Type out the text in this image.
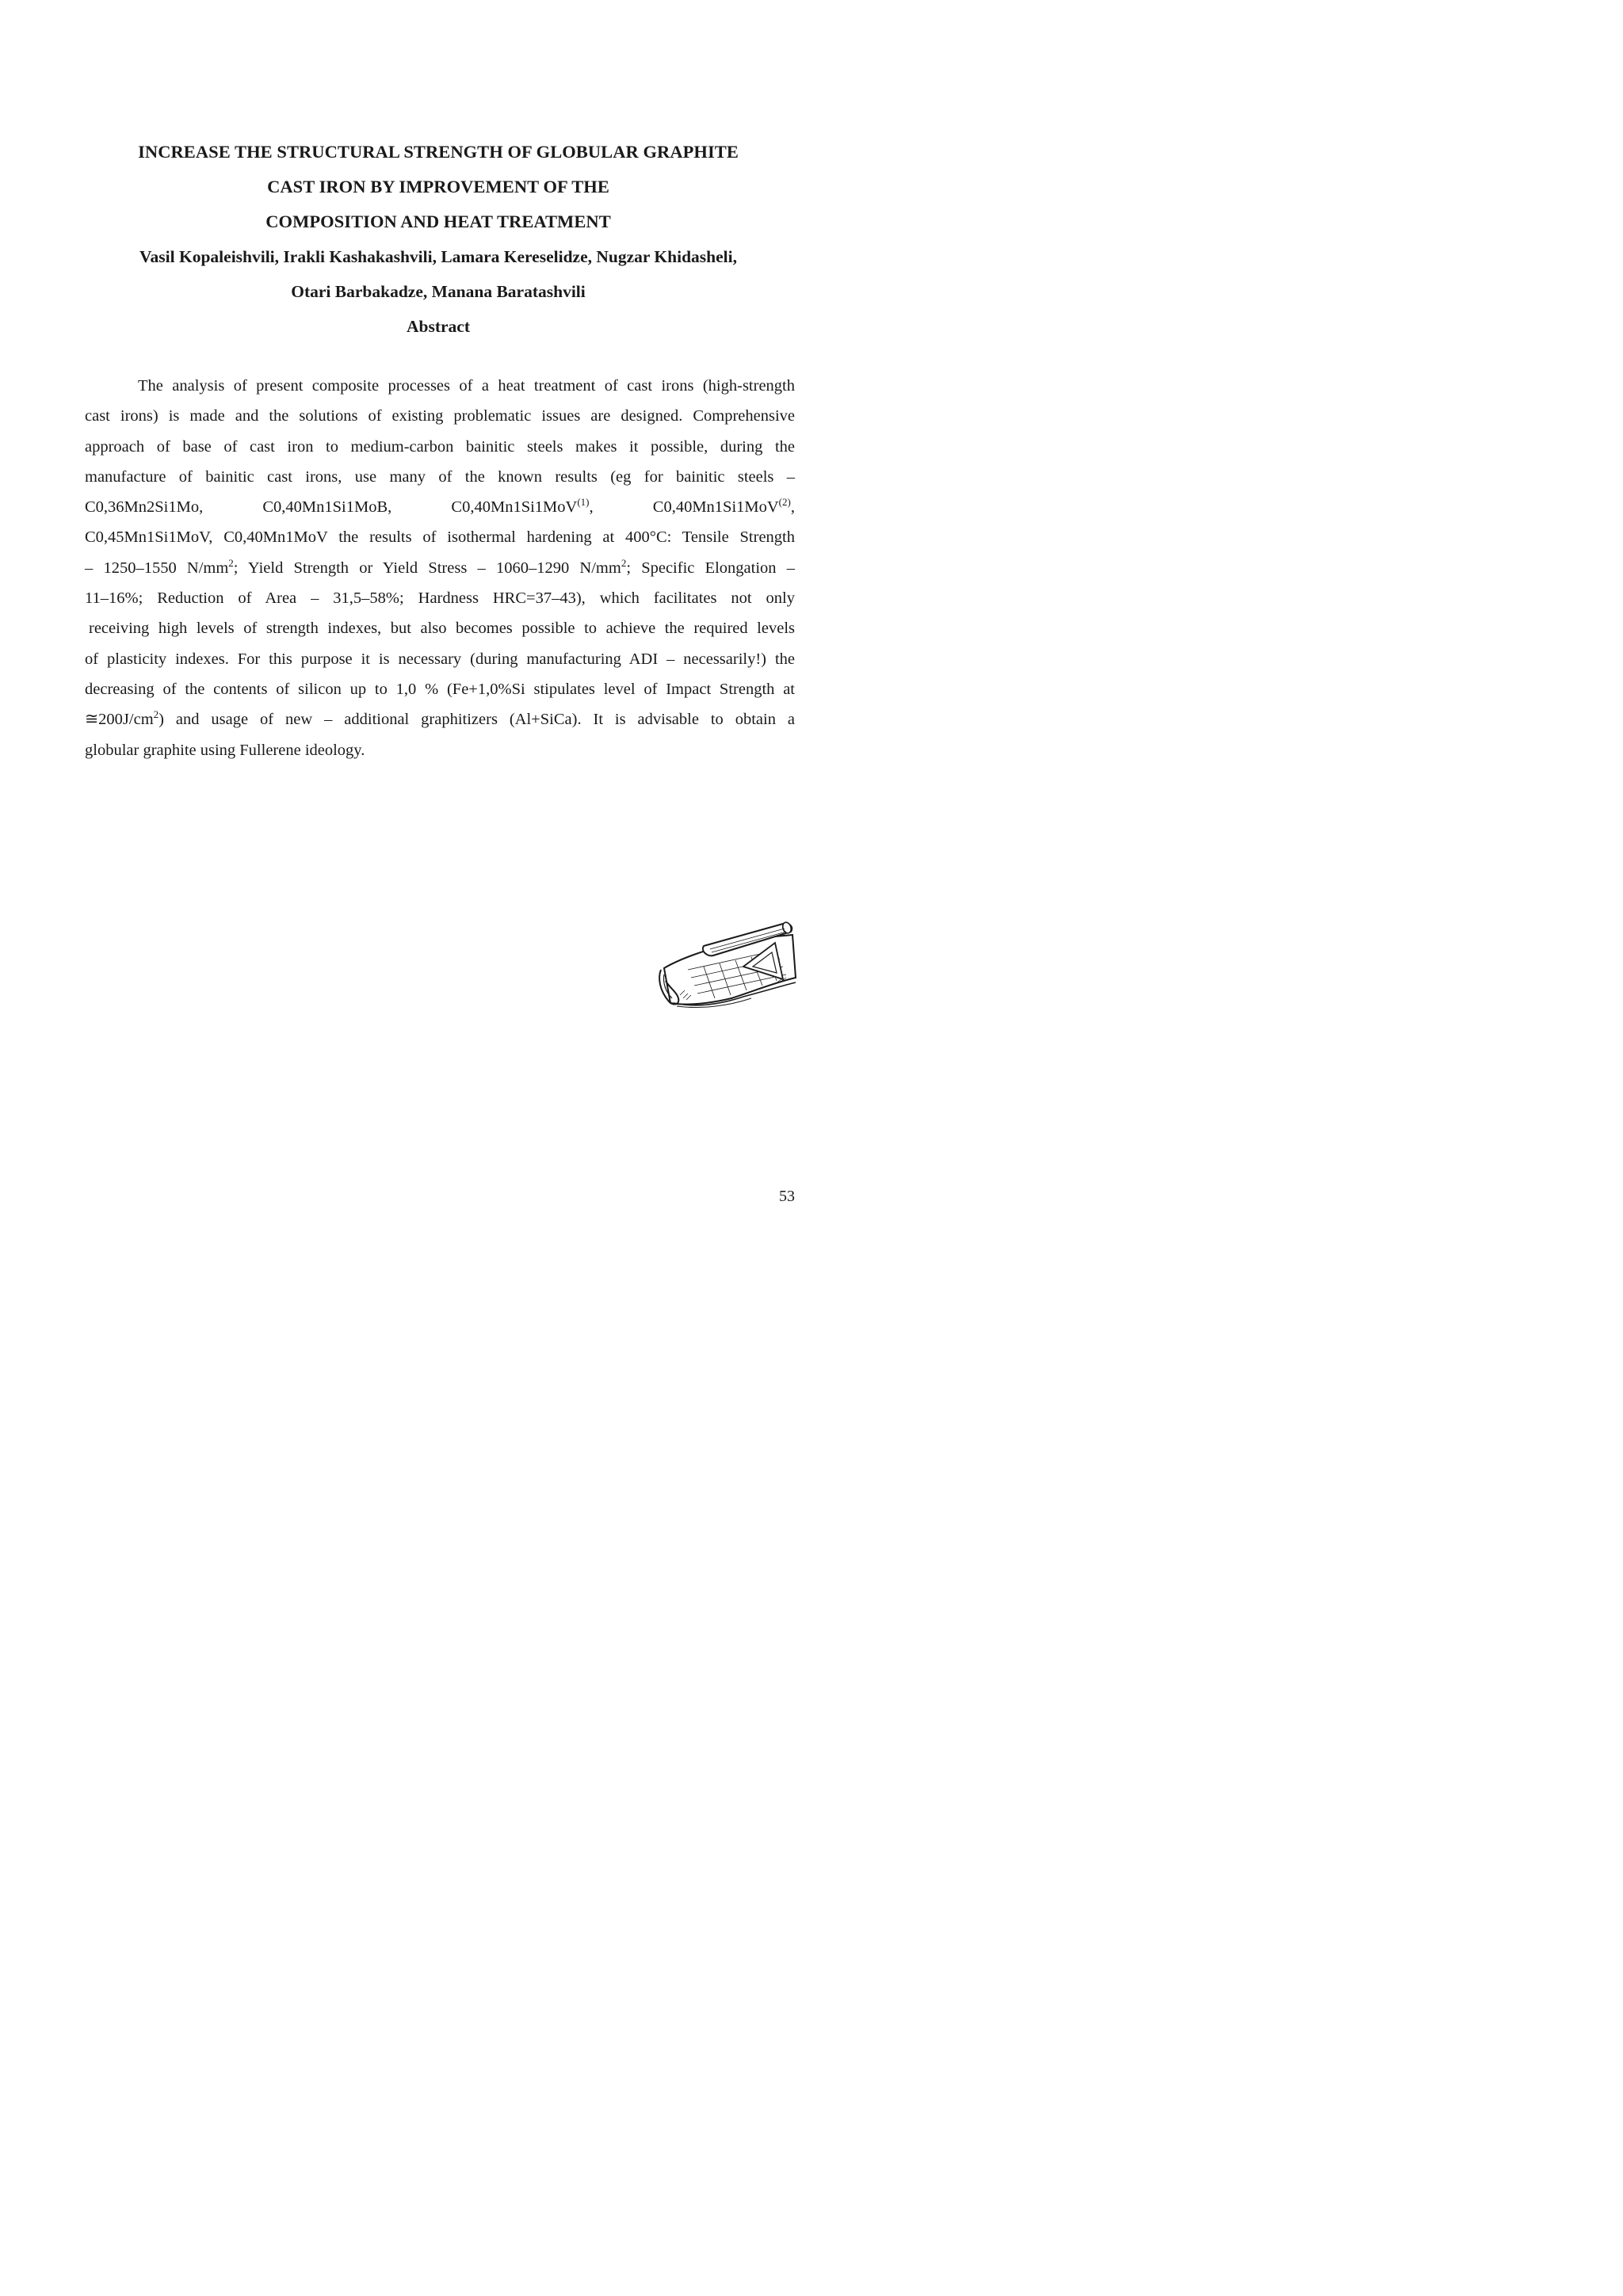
INCREASE THE STRUCTURAL STRENGTH OF GLOBULAR GRAPHITE
CAST IRON BY IMPROVEMENT OF THE
COMPOSITION AND HEAT TREATMENT
Vasil Kopaleishvili, Irakli Kashakashvili, Lamara Kereselidze, Nugzar Khidasheli,
Otari Barbakadze, Manana Baratashvili
Abstract
The analysis of present composite processes of a heat treatment of cast irons (high-strength
cast irons) is made and the solutions of existing problematic issues are designed. Comprehensive
approach of base of cast iron to medium-carbon bainitic steels makes it possible, during the
manufacture of bainitic cast irons, use many of the known results (eg for bainitic steels –
C0,36Mn2Si1Mo,	C0,40Mn1Si1MoB,	C0,40Mn1Si1MoV$^{(1)}$,	C0,40Mn1Si1MoV$^{(2)}$,
C0,45Mn1Si1MoV, C0,40Mn1MoV the results of isothermal hardening at 400°C: Tensile Strength
– 1250–1550 $N/mm^2$; Yield Strength or Yield Stress – 1060–1290 $N/mm^2$; Specific Elongation –
11–16%; Reduction of Area – 31,5–58%; Hardness HRC=37–43), which facilitates not only
receiving high levels of strength indexes, but also becomes possible to achieve the required levels
of plasticity indexes. For this purpose it is necessary (during manufacturing ADI – necessarily!) the
decreasing of the contents of silicon up to 1,0 % (Fe+1,0%Si stipulates level of Impact Strength at
$≅200J/cm^2$) and usage of new – additional graphitizers (Al+SiCa). It is advisable to obtain a
globular graphite using Fullerene ideology.
53
